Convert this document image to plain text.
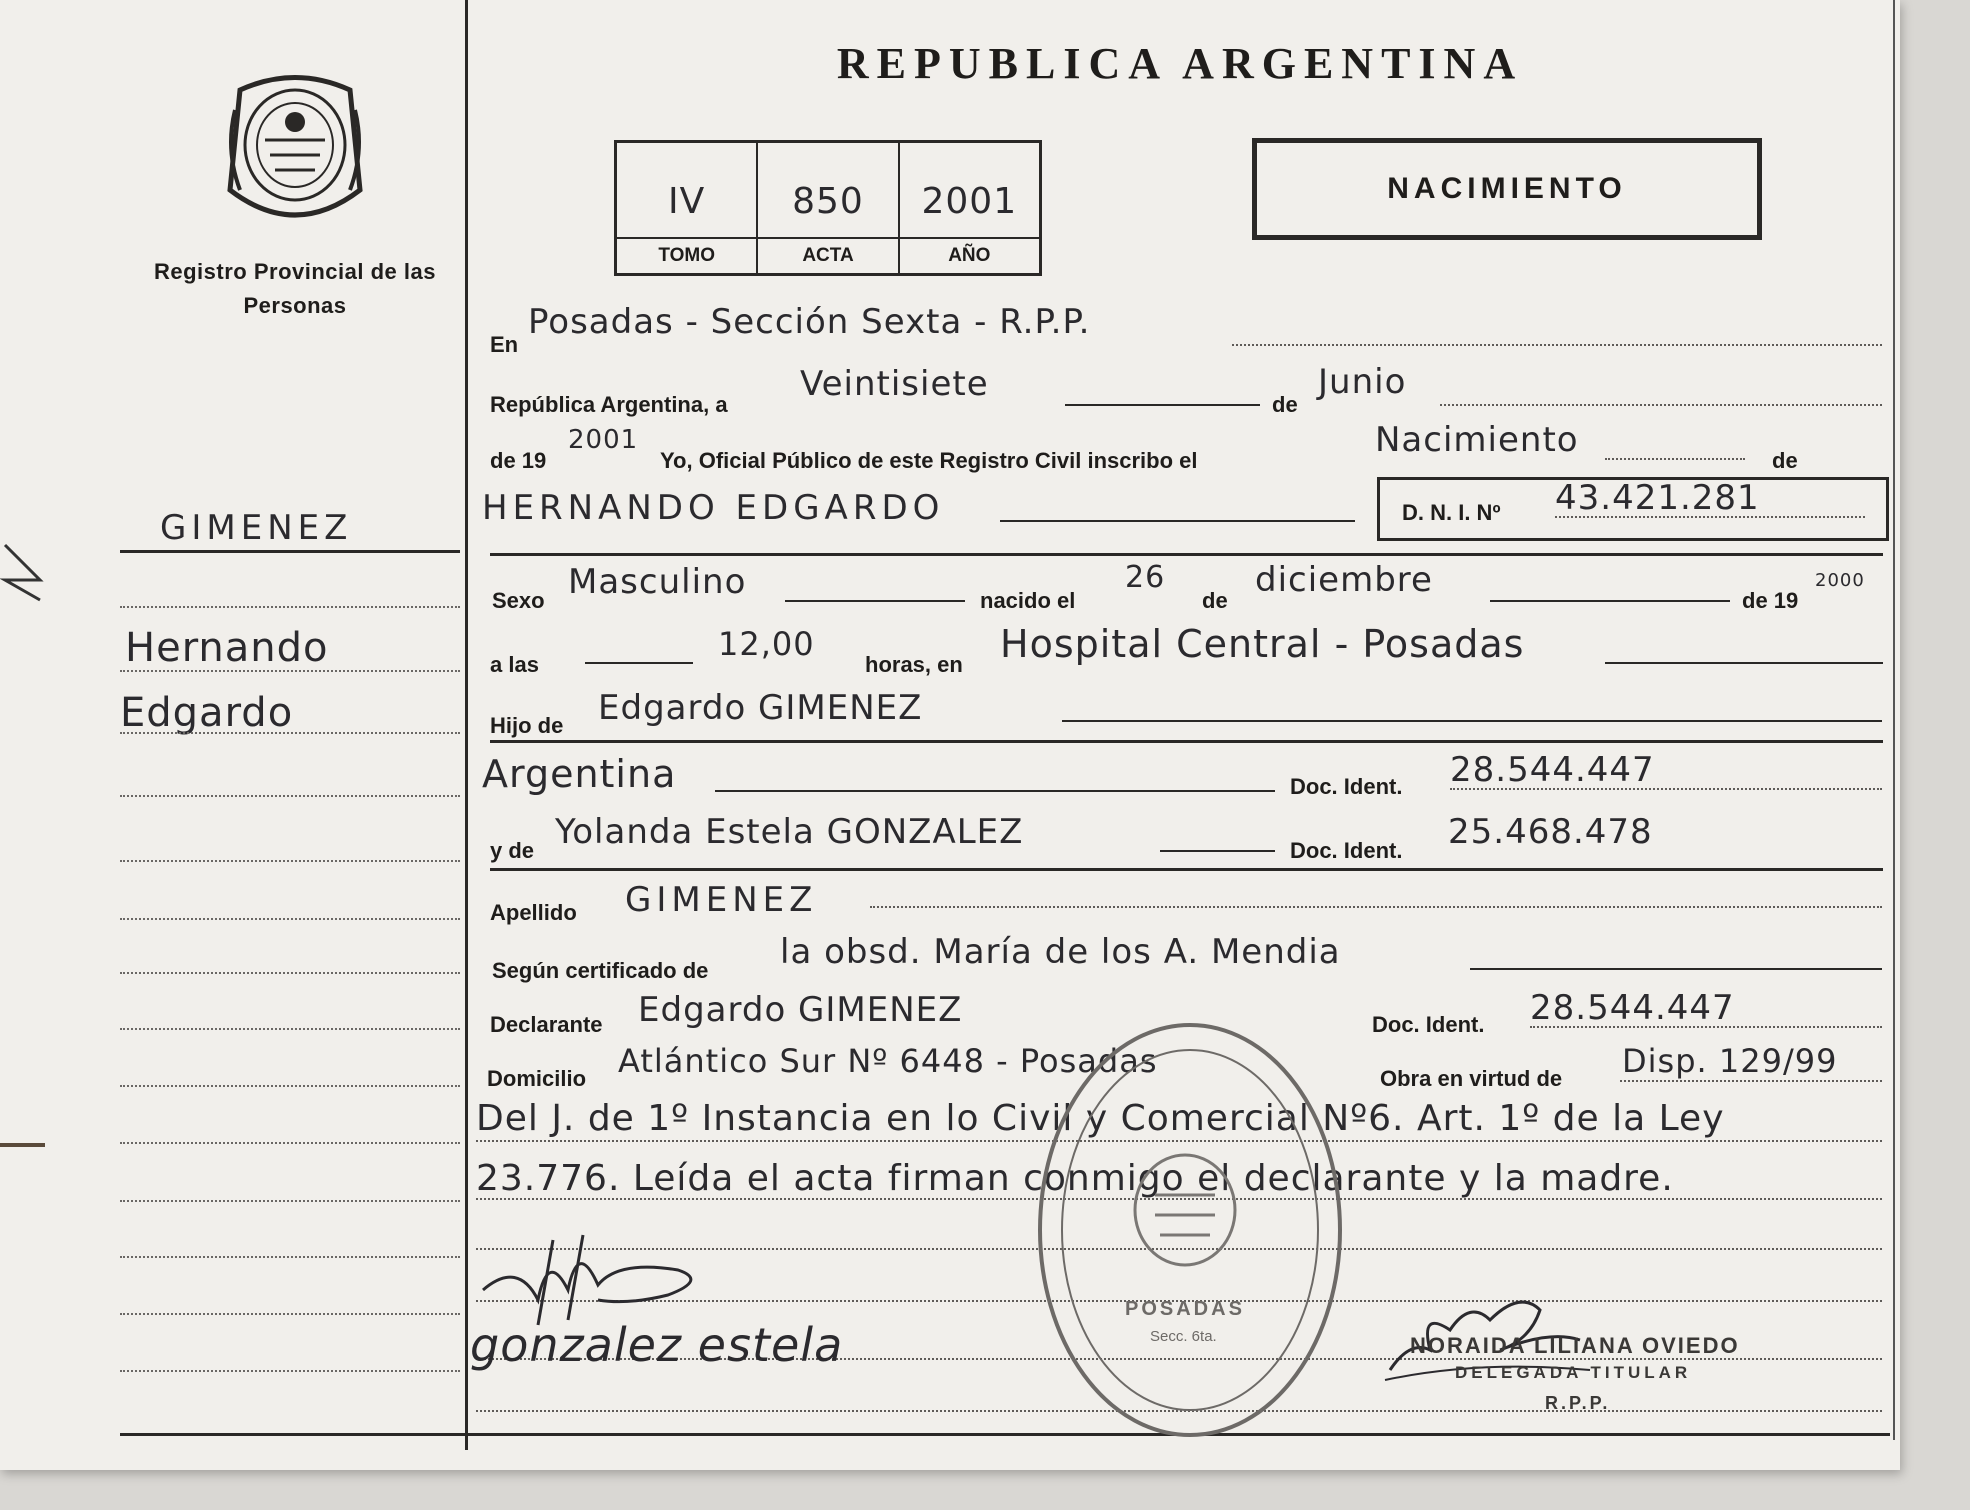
Registro Provincial de las Personas
GIMENEZ
Hernando
Edgardo
REPUBLICA ARGENTINA
IV
TOMO
850
ACTA
2001
AÑO
NACIMIENTO
En
Posadas - Sección Sexta - R.P.P.
República Argentina, a
Veintisiete
de
Junio
de 19
2001
Yo, Oficial Público de este Registro Civil inscribo el
Nacimiento
de
HERNANDO EDGARDO	D. N. I. Nº 43.421.281
Sexo Masculino	nacido el
26
de
diciembre
de 19
2000
a las
12,00
horas, en Hospital Central - Posadas
Hijo de Edgardo GIMENEZ
Argentina	Doc. Ident. 28.544.447
y de Yolanda Estela GONZALEZ	Doc. Ident. 25.468.478
Apellido GIMENEZ
Según certificado de la obsd. María de los A. Mendia
Declarante Edgardo GIMENEZ	Doc. Ident. 28.544.447
Domicilio Atlántico Sur Nº 6448 - Posadas	Obra en virtud de Disp. 129/99
Del J. de 1º Instancia en lo Civil y Comercial Nº6. Art. 1º de la Ley
23.776. Leída el acta firman conmigo el declarante y la madre.
POSADAS
Secc. 6ta.
gonzalez estela	NORAIDA LILIANA OVIEDO
DELEGADA TITULAR
R.P.P.
